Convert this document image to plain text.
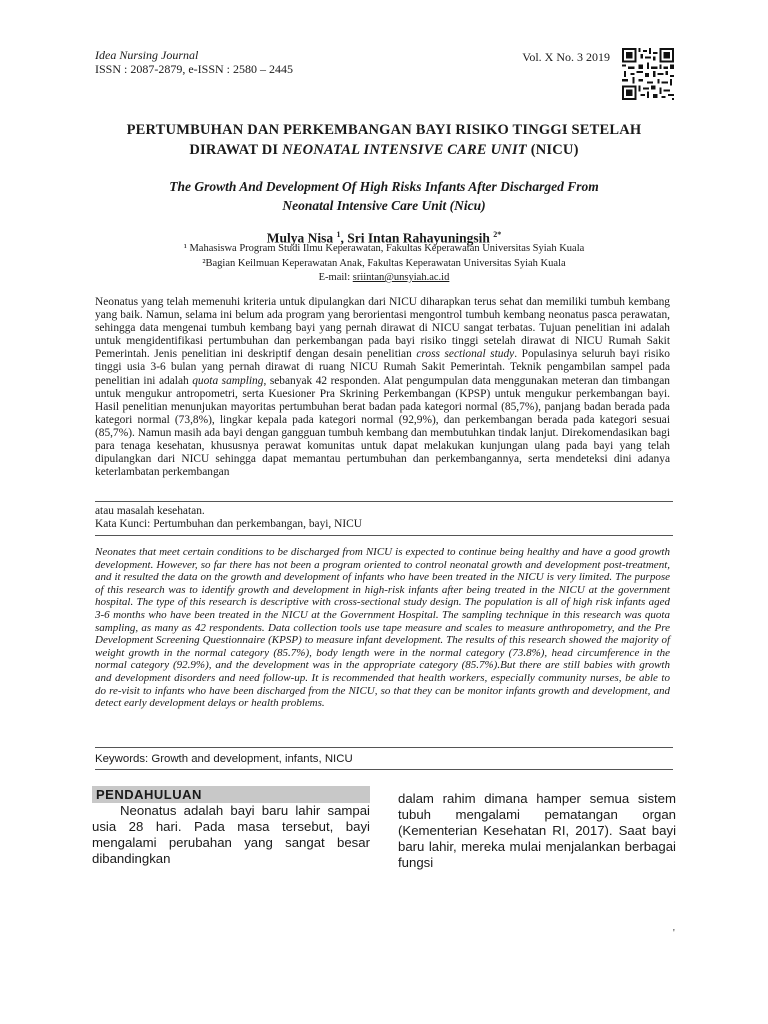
Idea Nursing Journal
ISSN : 2087-2879, e-ISSN : 2580 – 2445
Vol. X No. 3 2019
PERTUMBUHAN DAN PERKEMBANGAN BAYI RISIKO TINGGI SETELAH
DIRAWAT DI NEONATAL INTENSIVE CARE UNIT (NICU)
The Growth And Development Of High Risks Infants After Discharged From
Neonatal Intensive Care Unit (Nicu)
Mulya Nisa $^1$, Sri Intan Rahayuningsih $^{2*}$
¹ Mahasiswa Program Studi Ilmu Keperawatan, Fakultas Keperawatan Universitas Syiah Kuala
²Bagian Keilmuan Keperawatan Anak, Fakultas Keperawatan Universitas Syiah Kuala
E-mail: sriintan@unsyiah.ac.id

Neonatus yang telah memenuhi kriteria untuk dipulangkan dari NICU diharapkan terus sehat dan memiliki tumbuh kembang yang baik. Namun, selama ini belum ada program yang berorientasi mengontrol tumbuh kembang neonatus pasca perawatan, sehingga data mengenai tumbuh kembang bayi yang pernah dirawat di NICU sangat terbatas. Tujuan penelitian ini adalah untuk mengidentifikasi pertumbuhan dan perkembangan pada bayi risiko tinggi setelah dirawat di NICU Rumah Sakit Pemerintah. Jenis penelitian ini deskriptif dengan desain penelitian cross sectional study. Populasinya seluruh bayi risiko tinggi usia 3-6 bulan yang pernah dirawat di ruang NICU Rumah Sakit Pemerintah. Teknik pengambilan sampel pada penelitian ini adalah quota sampling, sebanyak 42 responden. Alat pengumpulan data menggunakan meteran dan timbangan untuk mengukur antropometri, serta Kuesioner Pra Skrining Perkembangan (KPSP) untuk mengukur perkembangan bayi. Hasil penelitian menunjukan mayoritas pertumbuhan berat badan pada kategori normal (85,7%), panjang badan berada pada kategori normal (73,8%), lingkar kepala pada kategori normal (92,9%), dan perkembangan berada pada kategori sesuai (85,7%). Namun masih ada bayi dengan gangguan tumbuh kembang dan membutuhkan tindak lanjut. Direkomendasikan bagi para tenaga kesehatan, khususnya perawat komunitas untuk dapat melakukan kunjungan ulang pada bayi yang telah dipulangkan dari NICU sehingga dapat memantau pertumbuhan dan perkembangannya, serta mendeteksi dini adanya keterlambatan perkembangan

atau masalah kesehatan.
Kata Kunci: Pertumbuhan dan perkembangan, bayi, NICU

Neonates that meet certain conditions to be discharged from NICU is expected to continue being healthy and have a good growth development. However, so far there has not been a program oriented to control neonatal growth and development post-treatment, and it resulted the data on the growth and development of infants who have been treated in the NICU is very limited. The purpose of this research was to identify growth and development in high-risk infants after being treated in the NICU at the government hospital. The type of this research is descriptive with cross-sectional study design. The population is all of high risk infants aged 3-6 months who have been treated in the NICU at the Government Hospital. The sampling technique in this research was quota sampling, as many as 42 respondents. Data collection tools use tape measure and scales to measure anthropometry, and the Pre Development Screening Questionnaire (KPSP) to measure infant development. The results of this research showed the majority of weight growth in the normal category (85.7%), body length were in the normal category (73.8%), head circumference in the normal category (92.9%), and the development was in the appropriate category (85.7%).But there are still babies with growth and development disorders and need follow-up. It is recommended that health workers, especially community nurses, be able to do re-visit to infants who have been discharged from the NICU, so that they can be monitor infants growth and development, and detect early development delays or health problems.

Keywords: Growth and development, infants, NICU
PENDAHULUAN

Neonatus adalah bayi baru lahir sampai usia 28 hari. Pada masa tersebut, bayi mengalami perubahan yang sangat besar dibandingkan

dalam rahim dimana hamper semua sistem tubuh mengalami pematangan organ (Kementerian Kesehatan RI, 2017). Saat bayi baru lahir, mereka mulai menjalankan berbagai fungsi

'
